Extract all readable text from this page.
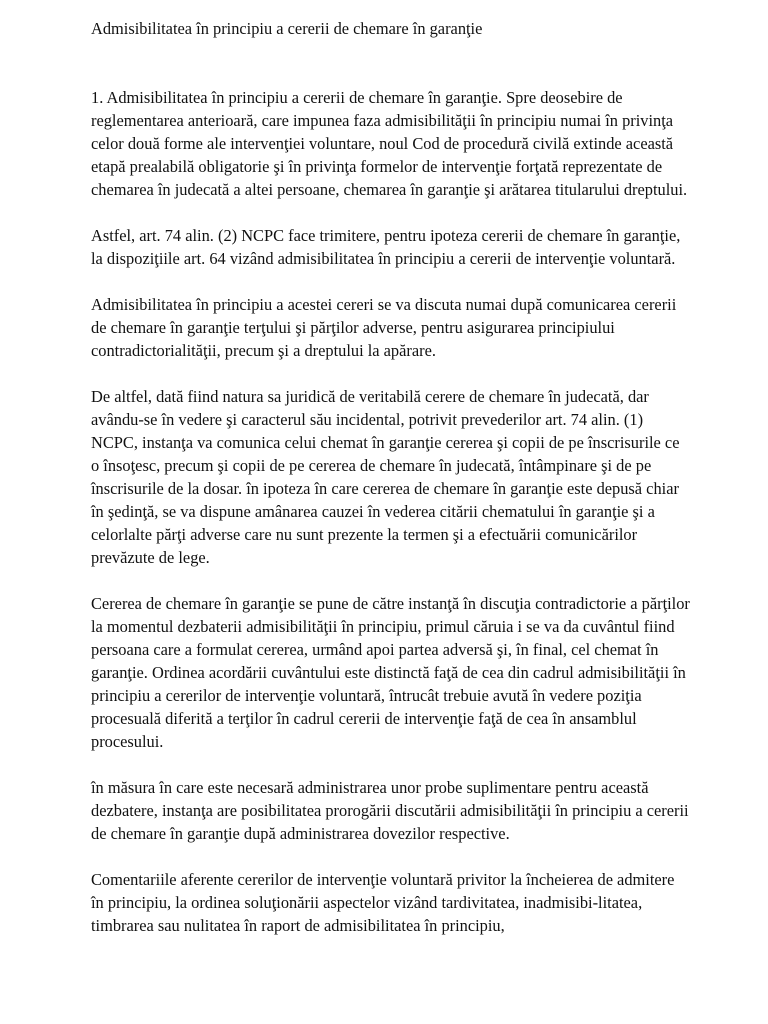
Admisibilitatea în principiu a cererii de chemare în garanţie

1. Admisibilitatea în principiu a cererii de chemare în garanţie. Spre deosebire de reglementarea anterioară, care impunea faza admisibilităţii în principiu numai în privinţa celor două forme ale intervenţiei voluntare, noul Cod de procedură civilă extinde această etapă prealabilă obligatorie şi în privinţa formelor de intervenţie forţată reprezentate de chemarea în judecată a altei persoane, chemarea în garanţie şi arătarea titularului dreptului.

Astfel, art. 74 alin. (2) NCPC face trimitere, pentru ipoteza cererii de chemare în garanţie, la dispoziţiile art. 64 vizând admisibilitatea în principiu a cererii de intervenţie voluntară.

Admisibilitatea în principiu a acestei cereri se va discuta numai după comunicarea cererii de chemare în garanţie terţului şi părţilor adverse, pentru asigurarea principiului contradictorialităţii, precum şi a dreptului la apărare.

De altfel, dată fiind natura sa juridică de veritabilă cerere de chemare în judecată, dar avându-se în vedere şi caracterul său incidental, potrivit prevederilor art. 74 alin. (1) NCPC, instanţa va comunica celui chemat în garanţie cererea şi copii de pe înscrisurile ce o însoţesc, precum şi copii de pe cererea de chemare în judecată, întâmpinare şi de pe înscrisurile de la dosar. în ipoteza în care cererea de chemare în garanţie este depusă chiar în şedinţă, se va dispune amânarea cauzei în vederea citării chematului în garanţie şi a celorlalte părţi adverse care nu sunt prezente la termen şi a efectuării comunicărilor prevăzute de lege.

Cererea de chemare în garanţie se pune de către instanţă în discuţia contradictorie a părţilor la momentul dezbaterii admisibilităţii în principiu, primul căruia i se va da cuvântul fiind persoana care a formulat cererea, urmând apoi partea adversă şi, în final, cel chemat în garanţie. Ordinea acordării cuvântului este distinctă faţă de cea din cadrul admisibilităţii în principiu a cererilor de intervenţie voluntară, întrucât trebuie avută în vedere poziţia procesuală diferită a terţilor în cadrul cererii de intervenţie faţă de cea în ansamblul procesului.

în măsura în care este necesară administrarea unor probe suplimentare pentru această dezbatere, instanţa are posibilitatea prorogării discutării admisibilităţii în principiu a cererii de chemare în garanţie după administrarea dovezilor respective.

Comentariile aferente cererilor de intervenţie voluntară privitor la încheierea de admitere în principiu, la ordinea soluţionării aspectelor vizând tardivitatea, inadmisibi-litatea, timbrarea sau nulitatea în raport de admisibilitatea în principiu,
